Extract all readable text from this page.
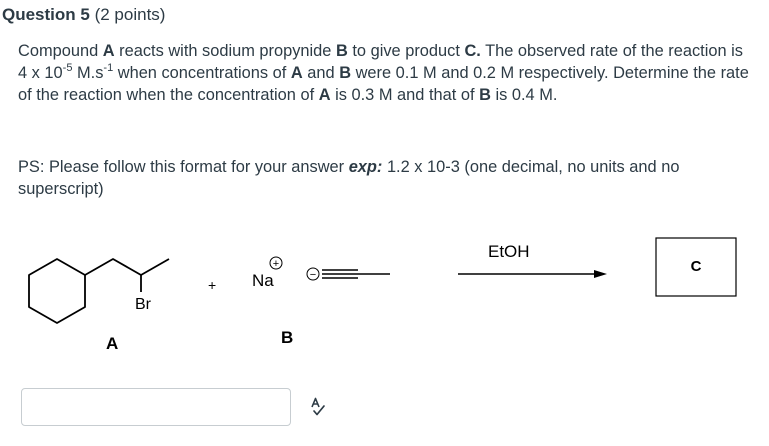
Question 5 (2 points)
Compound A reacts with sodium propynide B to give product C. The observed rate of the reaction is 4 x $10^{-5}$ $M.s^{-1}$ when concentrations of A and B were 0.1 M and 0.2 M respectively. Determine the rate of the reaction when the concentration of A is 0.3 M and that of B is 0.4 M.
PS: Please follow this format for your answer exp: 1.2 x 10-3 (one decimal, no units and no superscript)
Br
A
+
+
Na	−
B
EtOH
C
